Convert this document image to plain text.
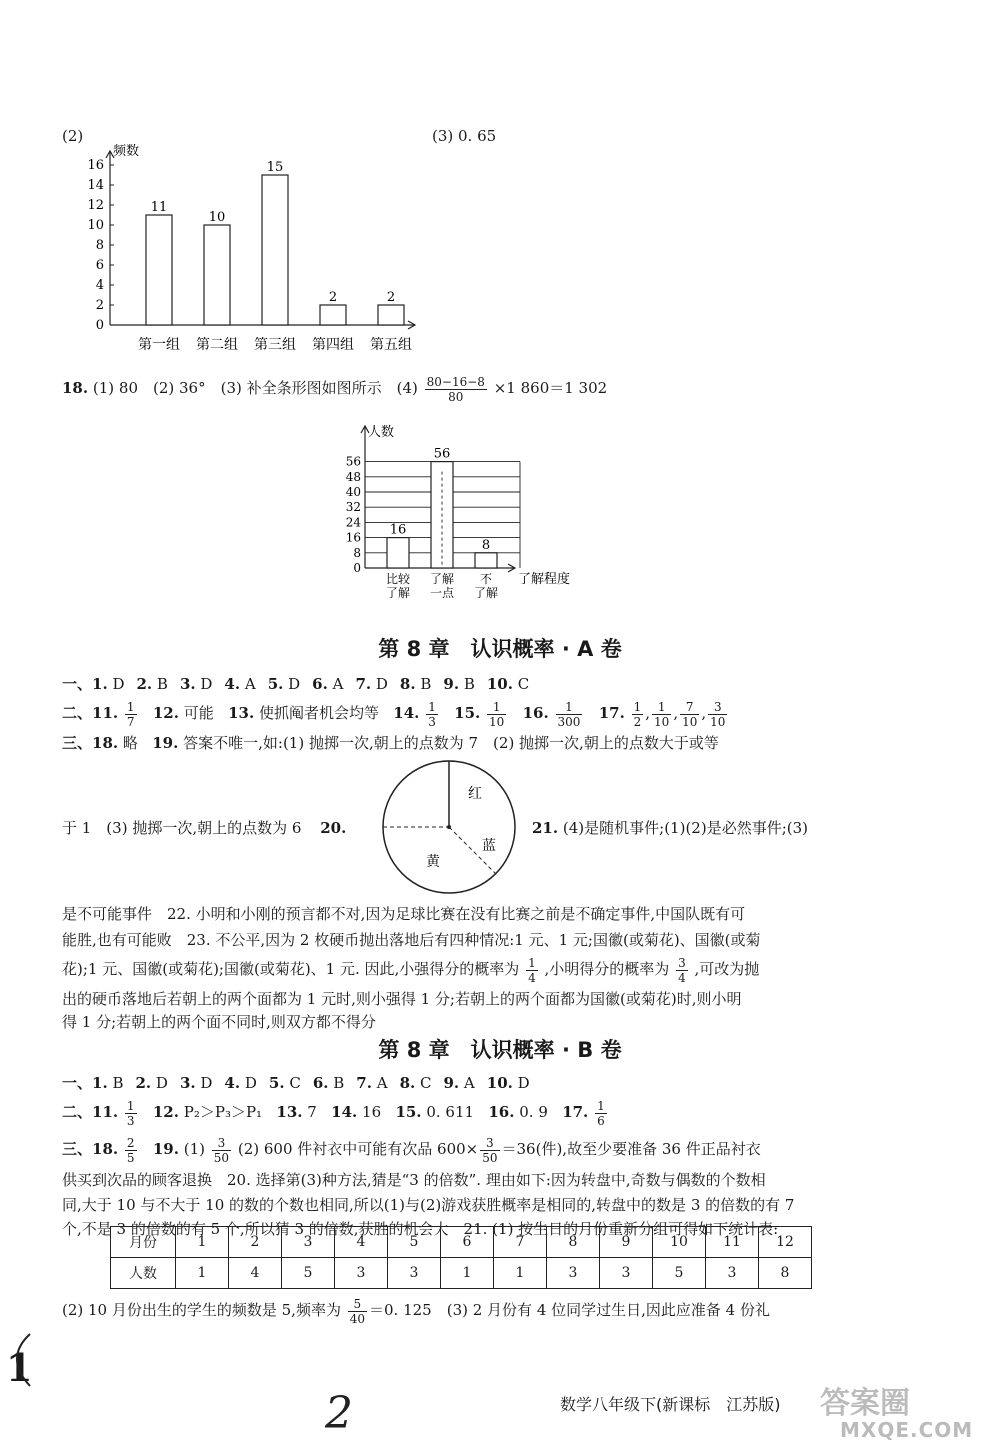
(2)	(3) 0. 65
频数
0
2
4
6
8
10
12
14
16
11
第一组
10
第二组
15
第三组
2
第四组
2
第五组
18. (1) 80　(2) 36°　(3) 补全条形图如图所示　$(4) \frac{80-16-8}{80} \times 1$ 860＝1 302
人数
了解程度
0
8
16
24
32
40
48
56
16
比较
了解
56
了解
一点
8
不
了解
第 8 章　认识概率 · A 卷
一、1. D 2. B 3. D 4. A 5. D 6. A 7. D 8. B 9. B 10. C
二、11. $\frac{1}{7} 12$. 可能 13. 使抓阄者机会均等 14. $\frac{1}{3} 15$. $\frac{1}{10} 16$. $\frac{1}{300} 17$. $\frac{1}{2}$ , $\frac{1}{10}$ , $\frac{7}{10}$ , $\frac{3}{10}$
三、18. 略 19. 答案不唯一,如:(1) 抛掷一次,朝上的点数为 7　(2) 抛掷一次,朝上的点数大于或等
于 1　(3) 抛掷一次,朝上的点数为 6 20.
红
蓝
黄
21. (4)是随机事件;(1)(2)是必然事件;(3)
是不可能事件　22. 小明和小刚的预言都不对,因为足球比赛在没有比赛之前是不确定事件,中国队既有可
能胜,也有可能败　23. 不公平,因为 2 枚硬币抛出落地后有四种情况:1 元、1 元;国徽(或菊花)、国徽(或菊
花);1 元、国徽(或菊花);国徽(或菊花)、1 元. 因此,小强得分的概率为 $\frac{1}{4}$ ,小明得分的概率为 $\frac{3}{4}$ ,可改为抛
出的硬币落地后若朝上的两个面都为 1 元时,则小强得 1 分;若朝上的两个面都为国徽(或菊花)时,则小明
得 1 分;若朝上的两个面不同时,则双方都不得分
第 8 章　认识概率 · B 卷
一、1. B 2. D 3. D 4. D 5. C 6. B 7. A 8. C 9. A 10. D
二、11. $\frac{1}{3} 12$. P₂＞P₃＞P₁ 13. 7 14. 16 15. 0. 611 16. 0. 9 17. $\frac{1}{6}$
三、18. $\frac{2}{5} 19$. $(1) \frac{3}{50} (2)$ 600 件衬衣中可能有次品 $600\times \frac{3}{50} =36$(件),故至少要准备 36 件正品衬衣
供买到次品的顾客退换　20. 选择第(3)种方法,猜是“3 的倍数”. 理由如下:因为转盘中,奇数与偶数的个数相
同,大于 10 与不大于 10 的数的个数也相同,所以(1)与(2)游戏获胜概率是相同的,转盘中的数是 3 的倍数的有 7
个,不是 3 的倍数的有 5 个,所以猜 3 的倍数,获胜的机会大　21. (1) 按生日的月份重新分组可得如下统计表:
月份	1	2	3	4	5	6	7	8	9	10	11	12
人数	1	4	5	3	3	1	1	3	3	5	3	8
(2) 10 月份出生的学生的频数是 5,频率为 $\frac{5}{40} =0$. 125　(3) 2 月份有 4 位同学过生日,因此应准备 4 份礼
1
数学八年级下(新课标　江苏版)
2	答案圈
MXQE.COM
